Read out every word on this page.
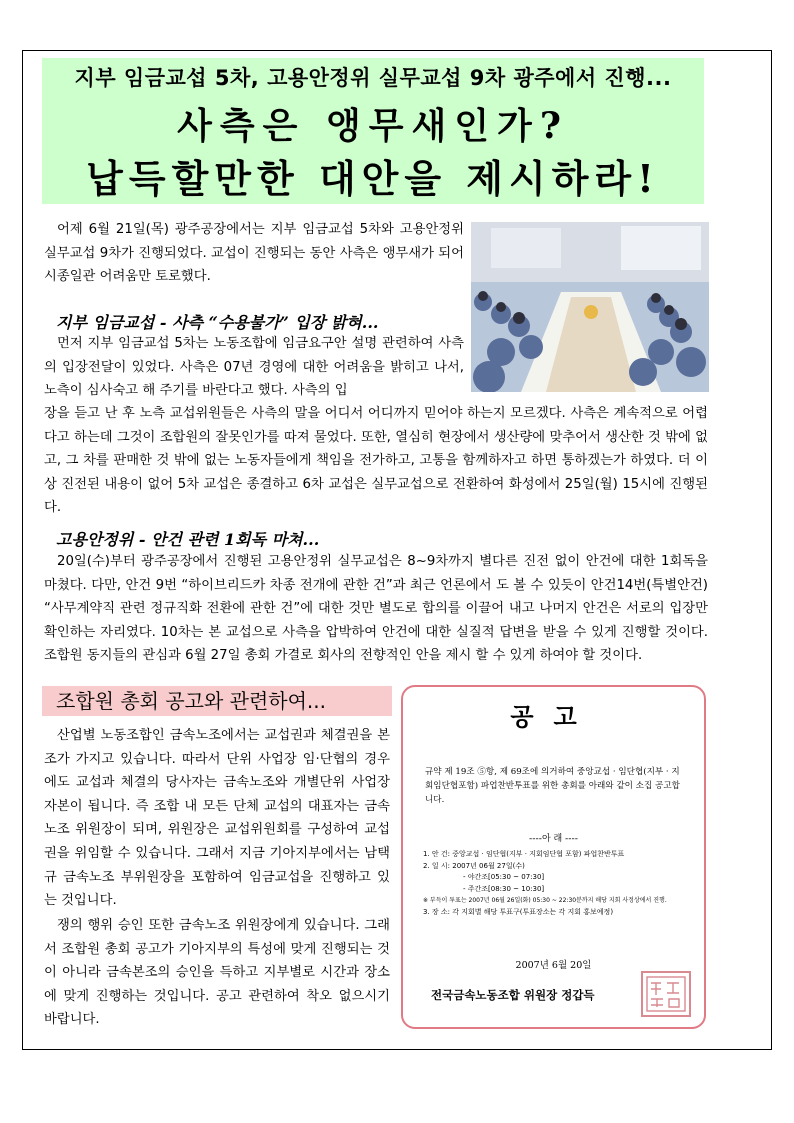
지부 임금교섭 5차, 고용안정위 실무교섭 9차 광주에서 진행...
사측은 앵무새인가?
납득할만한 대안을 제시하라!

어제 6월 21일(목) 광주공장에서는 지부 임금교섭 5차와 고용안정위 실무교섭 9차가 진행되었다. 교섭이 진행되는 동안 사측은 앵무새가 되어 시종일관 어려움만 토로했다.

지부 임금교섭 - 사측 “수용불가” 입장 밝혀...

먼저 지부 임금교섭 5차는 노동조합에 임금요구안 설명 관련하여 사측의 입장전달이 있었다. 사측은 07년 경영에 대한 어려움을 밝히고 나서, 노측이 심사숙고 해 주기를 바란다고 했다. 사측의 입

장을 듣고 난 후 노측 교섭위원들은 사측의 말을 어디서 어디까지 믿어야 하는지 모르겠다. 사측은 계속적으로 어렵다고 하는데 그것이 조합원의 잘못인가를 따져 물었다. 또한, 열심히 현장에서 생산량에 맞추어서 생산한 것 밖에 없고, 그 차를 판매한 것 밖에 없는 노동자들에게 책임을 전가하고, 고통을 함께하자고 하면 통하겠는가 하였다. 더 이상 진전된 내용이 없어 5차 교섭은 종결하고 6차 교섭은 실무교섭으로 전환하여 화성에서 25일(월) 15시에 진행된다.

고용안정위 - 안건 관련 1회독 마쳐...

20일(수)부터 광주공장에서 진행된 고용안정위 실무교섭은 8~9차까지 별다른 진전 없이 안건에 대한 1회독을 마쳤다. 다만, 안건 9번 “하이브리드카 차종 전개에 관한 건”과 최근 언론에서 도 볼 수 있듯이 안건14번(특별안건) “사무계약직 관련 정규직화 전환에 관한 건”에 대한 것만 별도로 합의를 이끌어 내고 나머지 안건은 서로의 입장만 확인하는 자리였다. 10차는 본 교섭으로 사측을 압박하여 안건에 대한 실질적 답변을 받을 수 있게 진행할 것이다. 조합원 동지들의 관심과 6월 27일 총회 가결로 회사의 전향적인 안을 제시 할 수 있게 하여야 할 것이다.

조합원 총회 공고와 관련하여...

산업별 노동조합인 금속노조에서는 교섭권과 체결권을 본조가 가지고 있습니다. 따라서 단위 사업장 임·단협의 경우에도 교섭과 체결의 당사자는 금속노조와 개별단위 사업장 자본이 됩니다. 즉 조합 내 모든 단체 교섭의 대표자는 금속노조 위원장이 되며, 위원장은 교섭위원회를 구성하여 교섭권을 위임할 수 있습니다. 그래서 지금 기아지부에서는 남택규 금속노조 부위원장을 포함하여 임금교섭을 진행하고 있는 것입니다.

쟁의 행위 승인 또한 금속노조 위원장에게 있습니다. 그래서 조합원 총회 공고가 기아지부의 특성에 맞게 진행되는 것이 아니라 금속본조의 승인을 득하고 지부별로 시간과 장소에 맞게 진행하는 것입니다. 공고 관련하여 착오 없으시기 바랍니다.

공고

규약 제 19조 ⑤항, 제 69조에 의거하여 중앙교섭 · 임단협(지부 · 지회임단협포함) 파업찬반투표를 위한 총회를 아래와 같이 소집 공고합니다.

----아 래 ----
1. 안 건: 중앙교섭 · 임단협(지부 · 지회임단협 포함) 파업찬반투표
2. 일 시: 2007년 06월 27일(수)
- 야간조[05:30 ~ 07:30]
- 주간조[08:30 ~ 10:30]
※ 부득이 투표는 2007년 06월 26일(화) 05:30 ~ 22:30분까지 해당 지회 사정상에서 진행.
3. 장 소: 각 지회별 해당 투표구(투표장소는 각 지회 홍보예정)
2007년 6월 20일
전국금속노동조합 위원장 정갑득
